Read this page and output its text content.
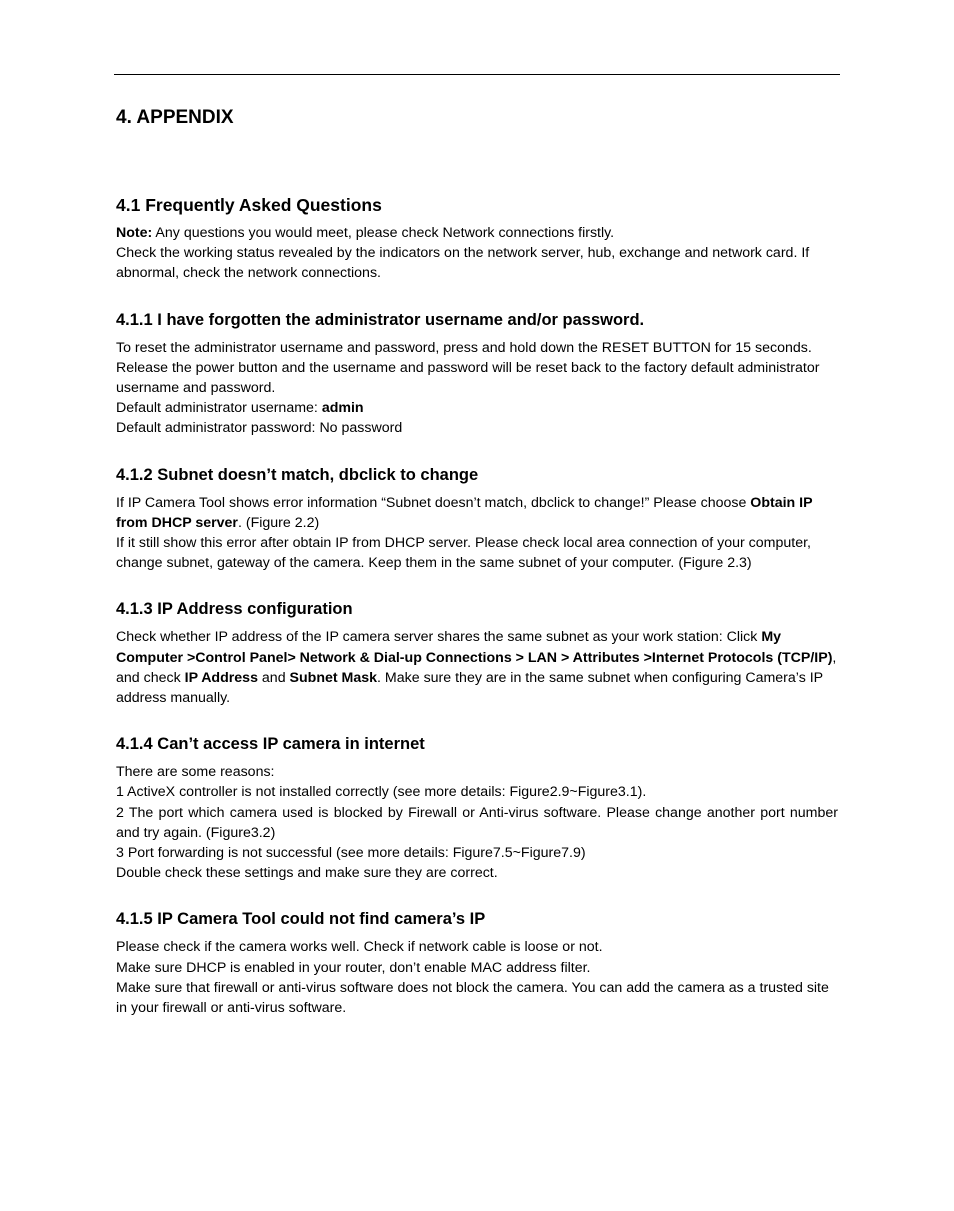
4. APPENDIX
4.1 Frequently Asked Questions

Note: Any questions you would meet, please check Network connections firstly.

Check the working status revealed by the indicators on the network server, hub, exchange and network card. If abnormal, check the network connections.

4.1.1 I have forgotten the administrator username and/or password.

To reset the administrator username and password, press and hold down the RESET BUTTON for 15 seconds. Release the power button and the username and password will be reset back to the factory default administrator username and password.

Default administrator username: admin

Default administrator password: No password

4.1.2 Subnet doesn’t match, dbclick to change

If IP Camera Tool shows error information “Subnet doesn’t match, dbclick to change!” Please choose Obtain IP from DHCP server. (Figure 2.2)

If it still show this error after obtain IP from DHCP server. Please check local area connection of your computer, change subnet, gateway of the camera. Keep them in the same subnet of your computer. (Figure 2.3)

4.1.3 IP Address configuration

Check whether IP address of the IP camera server shares the same subnet as your work station: Click My Computer >Control Panel> Network & Dial-up Connections > LAN > Attributes >Internet Protocols (TCP/IP), and check IP Address and Subnet Mask. Make sure they are in the same subnet when configuring Camera’s IP address manually.

4.1.4 Can’t access IP camera in internet

There are some reasons:

1 ActiveX controller is not installed correctly (see more details: Figure2.9~Figure3.1).

2 The port which camera used is blocked by Firewall or Anti-virus software. Please change another port number and try again. (Figure3.2)

3 Port forwarding is not successful (see more details: Figure7.5~Figure7.9)

Double check these settings and make sure they are correct.

4.1.5 IP Camera Tool could not find camera’s IP

Please check if the camera works well. Check if network cable is loose or not.

Make sure DHCP is enabled in your router, don’t enable MAC address filter.

Make sure that firewall or anti-virus software does not block the camera. You can add the camera as a trusted site in your firewall or anti-virus software.
